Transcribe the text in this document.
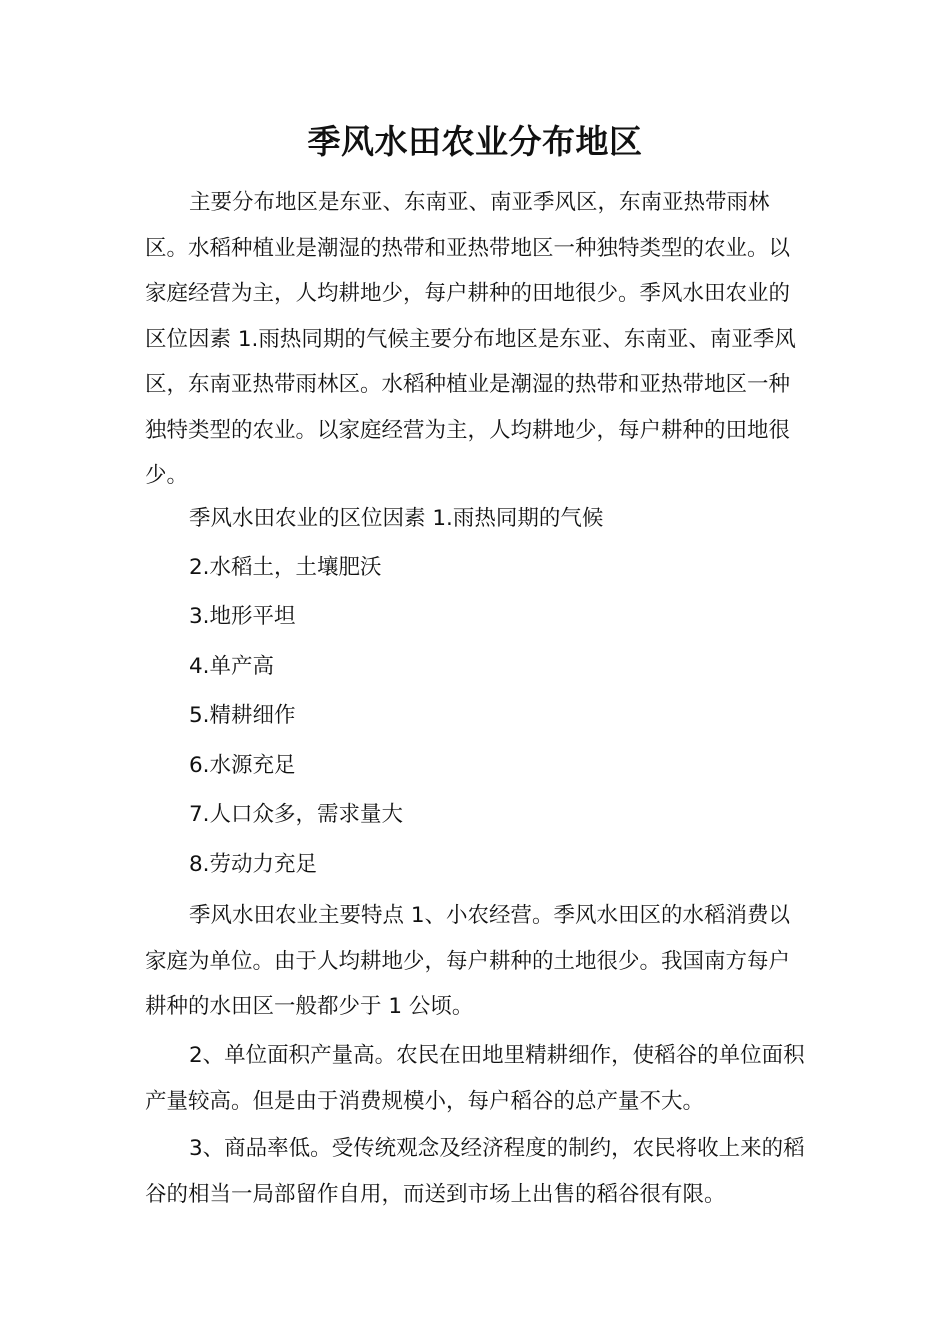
季风水田农业分布地区

主要分布地区是东亚、东南亚、南亚季风区，东南亚热带雨林区。水稻种植业是潮湿的热带和亚热带地区一种独特类型的农业。以家庭经营为主，人均耕地少，每户耕种的田地很少。季风水田农业的区位因素 1.雨热同期的气候主要分布地区是东亚、东南亚、南亚季风区，东南亚热带雨林区。水稻种植业是潮湿的热带和亚热带地区一种独特类型的农业。以家庭经营为主，人均耕地少，每户耕种的田地很少。

季风水田农业的区位因素 1.雨热同期的气候

2.水稻土，土壤肥沃

3.地形平坦

4.单产高

5.精耕细作

6.水源充足

7.人口众多，需求量大

8.劳动力充足

季风水田农业主要特点 1、小农经营。季风水田区的水稻消费以家庭为单位。由于人均耕地少，每户耕种的土地很少。我国南方每户耕种的水田区一般都少于 1 公顷。

2、单位面积产量高。农民在田地里精耕细作，使稻谷的单位面积产量较高。但是由于消费规模小，每户稻谷的总产量不大。

3、商品率低。受传统观念及经济程度的制约，农民将收上来的稻谷的相当一局部留作自用，而送到市场上出售的稻谷很有限。
